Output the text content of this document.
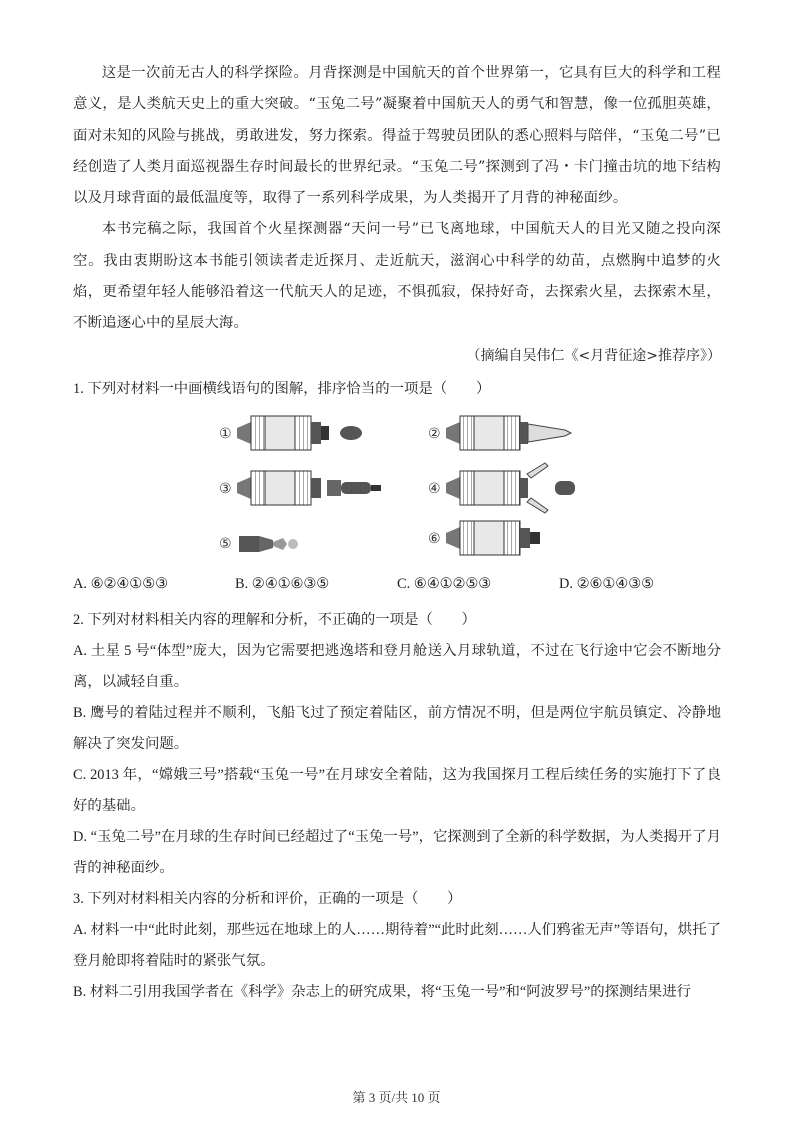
这是一次前无古人的科学探险。月背探测是中国航天的首个世界第一，它具有巨大的科学和工程意义，是人类航天史上的重大突破。“玉兔二号”凝聚着中国航天人的勇气和智慧，像一位孤胆英雄，面对未知的风险与挑战，勇敢进发，努力探索。得益于驾驶员团队的悉心照料与陪伴，“玉兔二号”已经创造了人类月面巡视器生存时间最长的世界纪录。“玉兔二号”探测到了冯・卡门撞击坑的地下结构以及月球背面的最低温度等，取得了一系列科学成果，为人类揭开了月背的神秘面纱。

本书完稿之际，我国首个火星探测器“天问一号”已飞离地球，中国航天人的目光又随之投向深空。我由衷期盼这本书能引领读者走近探月、走近航天，滋润心中科学的幼苗，点燃胸中追梦的火焰，更希望年轻人能够沿着这一代航天人的足迹，不惧孤寂，保持好奇，去探索火星，去探索木星，不断追逐心中的星辰大海。

（摘编自吴伟仁《<月背征途>推荐序》）
1. 下列对材料一中画横线语句的图解，排序恰当的一项是（　　）
①	②
③	④
⑤	⑥
A. ⑥②④①⑤③	B. ②④①⑥③⑤	C. ⑥④①②⑤③	D. ②⑥①④③⑤

2. 下列对材料相关内容的理解和分析，不正确的一项是（　　）

A. 土星 5 号“体型”庞大，因为它需要把逃逸塔和登月舱送入月球轨道，不过在飞行途中它会不断地分离，以减轻自重。

B. 鹰号的着陆过程并不顺利，飞船飞过了预定着陆区，前方情况不明，但是两位宇航员镇定、冷静地解决了突发问题。

C. 2013 年，“嫦娥三号”搭载“玉兔一号”在月球安全着陆，这为我国探月工程后续任务的实施打下了良好的基础。

D. “玉兔二号”在月球的生存时间已经超过了“玉兔一号”，它探测到了全新的科学数据，为人类揭开了月背的神秘面纱。

3. 下列对材料相关内容的分析和评价，正确的一项是（　　）

A. 材料一中“此时此刻，那些远在地球上的人……期待着”“此时此刻……人们鸦雀无声”等语句，烘托了登月舱即将着陆时的紧张气氛。

B. 材料二引用我国学者在《科学》杂志上的研究成果，将“玉兔一号”和“阿波罗号”的探测结果进行

第 3 页/共 10 页
